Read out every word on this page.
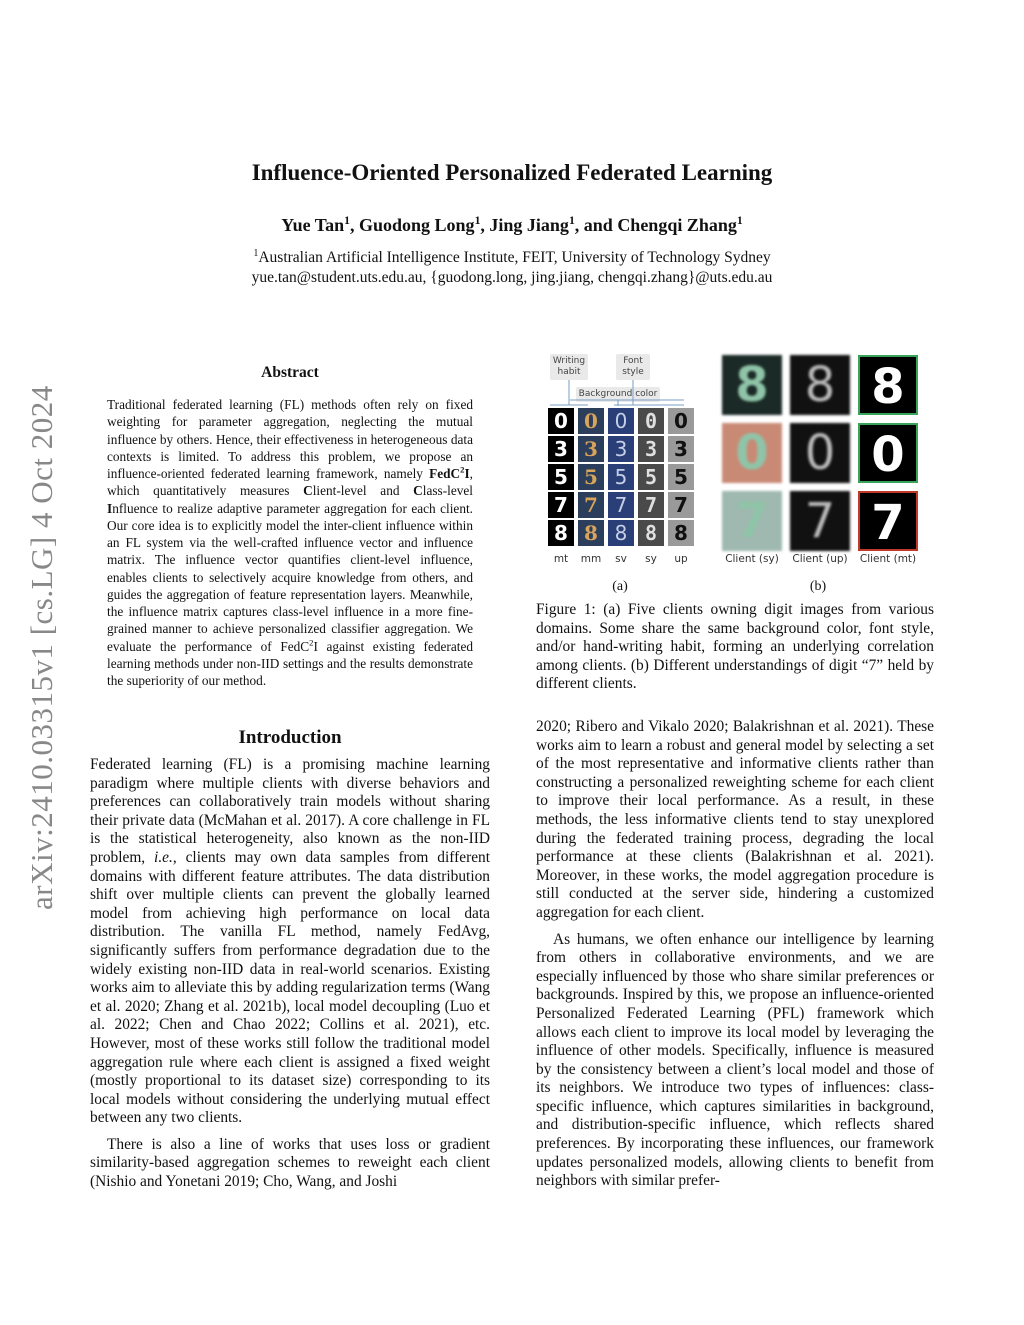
arXiv:2410.03315v1 [cs.LG] 4 Oct 2024
Influence-Oriented Personalized Federated Learning
Yue Tan$^1$, Guodong Long$^1$, Jing Jiang$^1$, and Chengqi Zhang$^1$
$^1$Australian Artificial Intelligence Institute, FEIT, University of Technology Sydney
yue.tan@student.uts.edu.au, {guodong.long, jing.jiang, chengqi.zhang}@uts.edu.au
Abstract
Traditional federated learning (FL) methods often rely on fixed weighting for parameter aggregation, neglecting the mutual influence by others. Hence, their effectiveness in heterogeneous data contexts is limited. To address this problem, we propose an influence-oriented federated learning framework, namely FedC$^2$I, which quantitatively measures Client-level and Class-level Influence to realize adaptive parameter aggregation for each client. Our core idea is to explicitly model the inter-client influence within an FL system via the well-crafted influence vector and influence matrix. The influence vector quantifies client-level influence, enables clients to selectively acquire knowledge from others, and guides the aggregation of feature representation layers. Meanwhile, the influence matrix captures class-level influence in a more fine-grained manner to achieve personalized classifier aggregation. We evaluate the performance of FedC$^2$I against existing federated learning methods under non-IID settings and the results demonstrate the superiority of our method.
Writing habit
Font style
Background color
0 0 0 0 0
3 3 3 3 3
5 5 5 5 5
7 7 7 7 7
8 8 8 8 8
mt	mm	sv	sy	up
(a)
8 8 8
0 0 0
7 7 7
Client (sy)	Client (up)	Client (mt)
(b)
Figure 1: (a) Five clients owning digit images from various domains. Some share the same background color, font style, and/or hand-writing habit, forming an underlying correlation among clients. (b) Different understandings of digit “7” held by different clients.
Introduction

Federated learning (FL) is a promising machine learning paradigm where multiple clients with diverse behaviors and preferences can collaboratively train models without sharing their private data (McMahan et al. 2017). A core challenge in FL is the statistical heterogeneity, also known as the non-IID problem, i.e., clients may own data samples from different domains with different feature attributes. The data distribution shift over multiple clients can prevent the globally learned model from achieving high performance on local data distribution. The vanilla FL method, namely FedAvg, significantly suffers from performance degradation due to the widely existing non-IID data in real-world scenarios. Existing works aim to alleviate this by adding regularization terms (Wang et al. 2020; Zhang et al. 2021b), local model decoupling (Luo et al. 2022; Chen and Chao 2022; Collins et al. 2021), etc. However, most of these works still follow the traditional model aggregation rule where each client is assigned a fixed weight (mostly proportional to its dataset size) corresponding to its local models without considering the underlying mutual effect between any two clients.

There is also a line of works that uses loss or gradient similarity-based aggregation schemes to reweight each client (Nishio and Yonetani 2019; Cho, Wang, and Joshi

2020; Ribero and Vikalo 2020; Balakrishnan et al. 2021). These works aim to learn a robust and general model by selecting a set of the most representative and informative clients rather than constructing a personalized reweighting scheme for each client to improve their local performance. As a result, in these methods, the less informative clients tend to stay unexplored during the federated training process, degrading the local performance at these clients (Balakrishnan et al. 2021). Moreover, in these works, the model aggregation procedure is still conducted at the server side, hindering a customized aggregation for each client.

As humans, we often enhance our intelligence by learning from others in collaborative environments, and we are especially influenced by those who share similar preferences or backgrounds. Inspired by this, we propose an influence-oriented Personalized Federated Learning (PFL) framework which allows each client to improve its local model by leveraging the influence of other models. Specifically, influence is measured by the consistency between a client’s local model and those of its neighbors. We introduce two types of influences: class-specific influence, which captures similarities in background, and distribution-specific influence, which reflects shared preferences. By incorporating these influences, our framework updates personalized models, allowing clients to benefit from neighbors with similar prefer-
